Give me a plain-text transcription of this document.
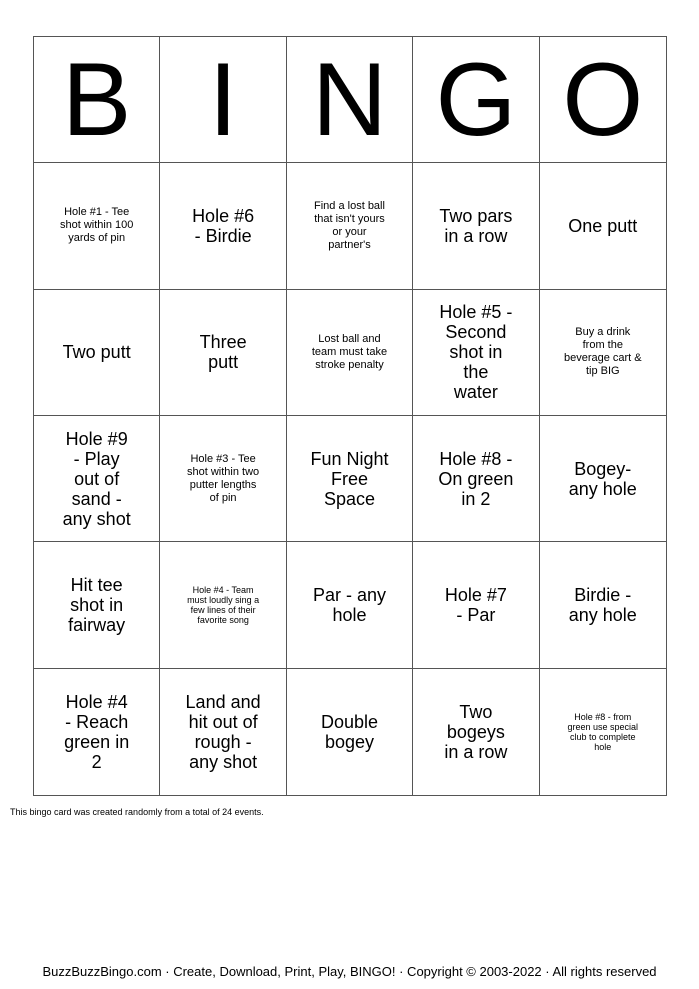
B I N G O
Hole #1 - Tee shot within 100 yards of pin
Hole #6 - Birdie
Find a lost ball that isn't yours or your partner's
Two pars in a row	One putt
Two putt	Three putt
Lost ball and team must take stroke penalty
Hole #5 - Second shot in the water
Buy a drink from the beverage cart & tip BIG
Hole #9 - Play out of sand - any shot
Hole #3 - Tee shot within two putter lengths of pin
Fun Night Free Space
Hole #8 - On green in 2
Bogey- any hole
Hit tee shot in fairway
Hole #4 - Team must loudly sing a few lines of their favorite song
Par - any hole
Hole #7 - Par
Birdie - any hole
Hole #4 - Reach green in 2
Land and hit out of rough - any shot
Double bogey
Two bogeys in a row
Hole #8 - from green use special club to complete hole
This bingo card was created randomly from a total of 24 events.
BuzzBuzzBingo.com · Create, Download, Print, Play, BINGO! · Copyright © 2003-2022 · All rights reserved
